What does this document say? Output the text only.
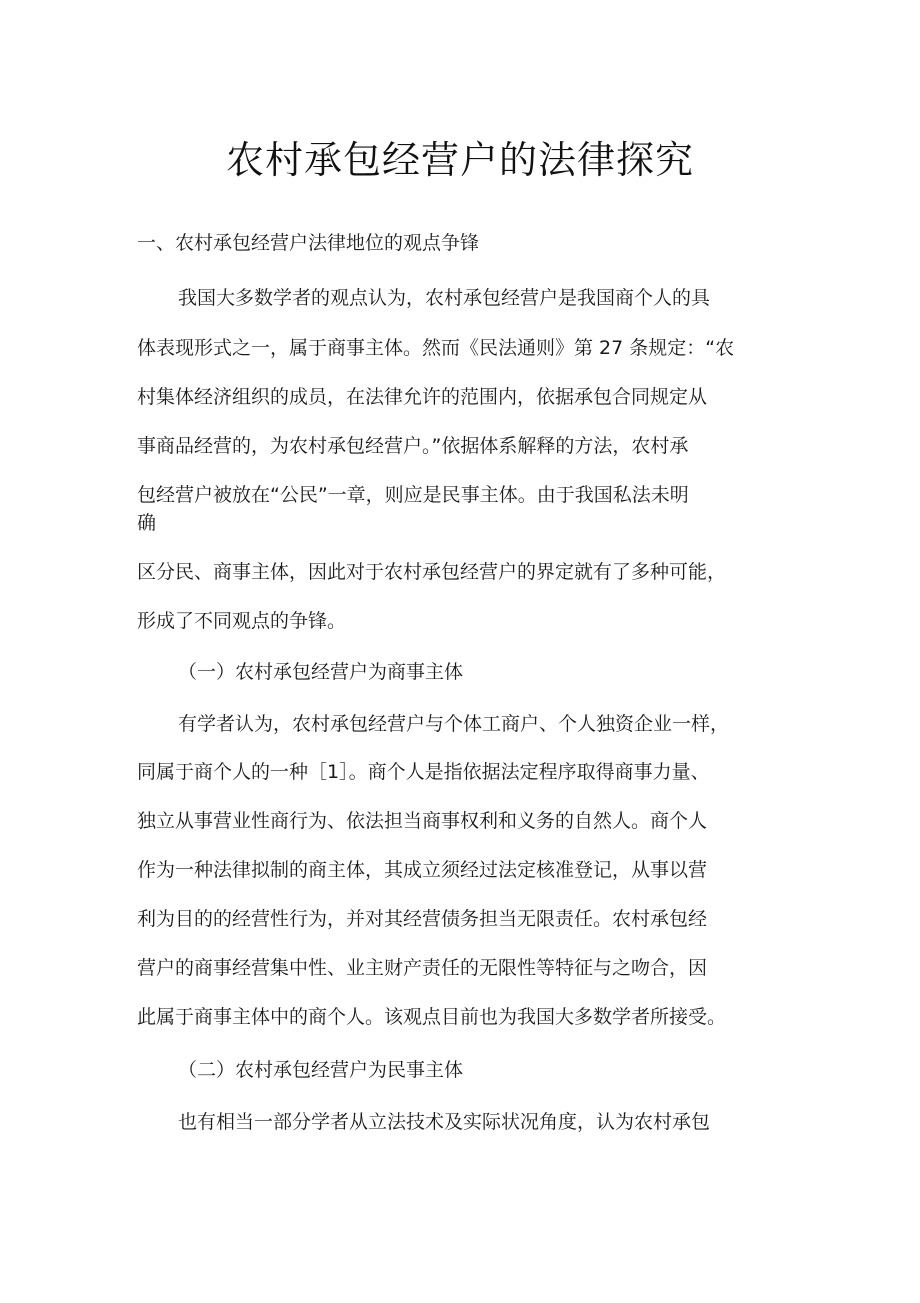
农村承包经营户的法律探究

一、农村承包经营户法律地位的观点争锋

我国大多数学者的观点认为，农村承包经营户是我国商个人的具

体表现形式之一，属于商事主体。然而《民法通则》第 27 条规定：“农

村集体经济组织的成员，在法律允许的范围内，依据承包合同规定从

事商品经营的，为农村承包经营户。”依据体系解释的方法，农村承

包经营户被放在“公民”一章，则应是民事主体。由于我国私法未明

确

区分民、商事主体，因此对于农村承包经营户的界定就有了多种可能，

形成了不同观点的争锋。

（一）农村承包经营户为商事主体

有学者认为，农村承包经营户与个体工商户、个人独资企业一样，

同属于商个人的一种［1］。商个人是指依据法定程序取得商事力量、

独立从事营业性商行为、依法担当商事权利和义务的自然人。商个人

作为一种法律拟制的商主体，其成立须经过法定核准登记，从事以营

利为目的的经营性行为，并对其经营债务担当无限责任。农村承包经

营户的商事经营集中性、业主财产责任的无限性等特征与之吻合，因

此属于商事主体中的商个人。该观点目前也为我国大多数学者所接受。

（二）农村承包经营户为民事主体

也有相当一部分学者从立法技术及实际状况角度，认为农村承包
